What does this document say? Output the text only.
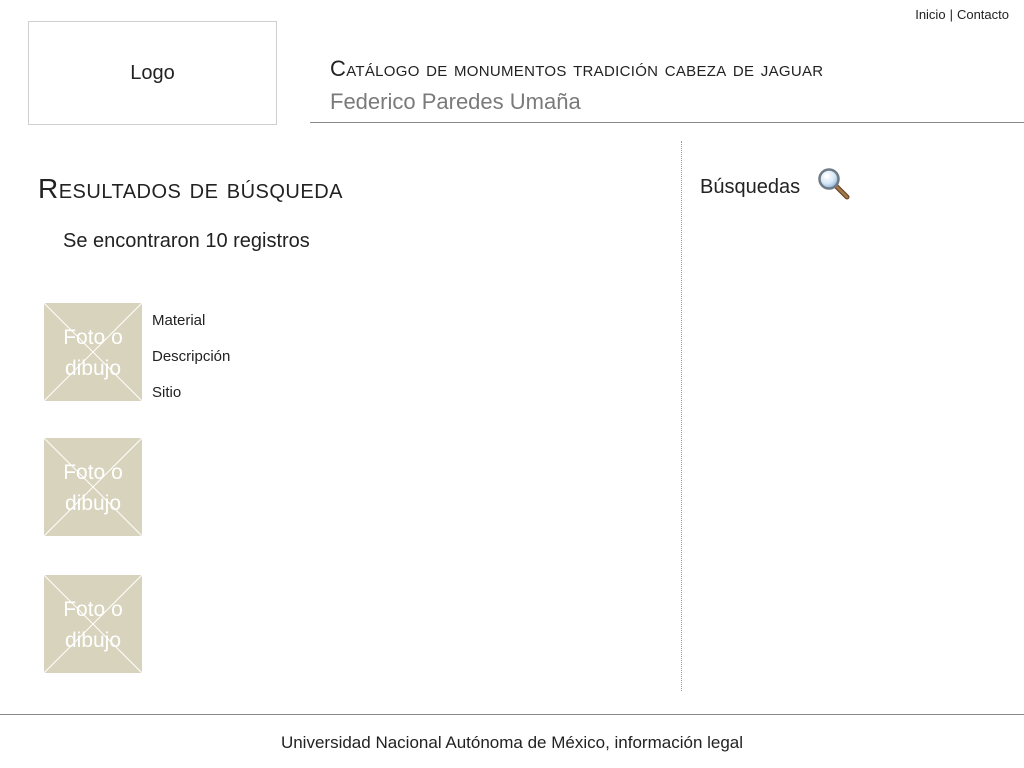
Inicio | Contacto
Logo	Catálogo de monumentos tradición cabeza de jaguar
Federico Paredes Umaña
Resultados de búsqueda
Se encontraron 10 registros
Foto o
dibujo
Material
Descripción
Sitio
Foto o
dibujo
Foto o
dibujo
Búsquedas
Universidad Nacional Autónoma de México, información legal
